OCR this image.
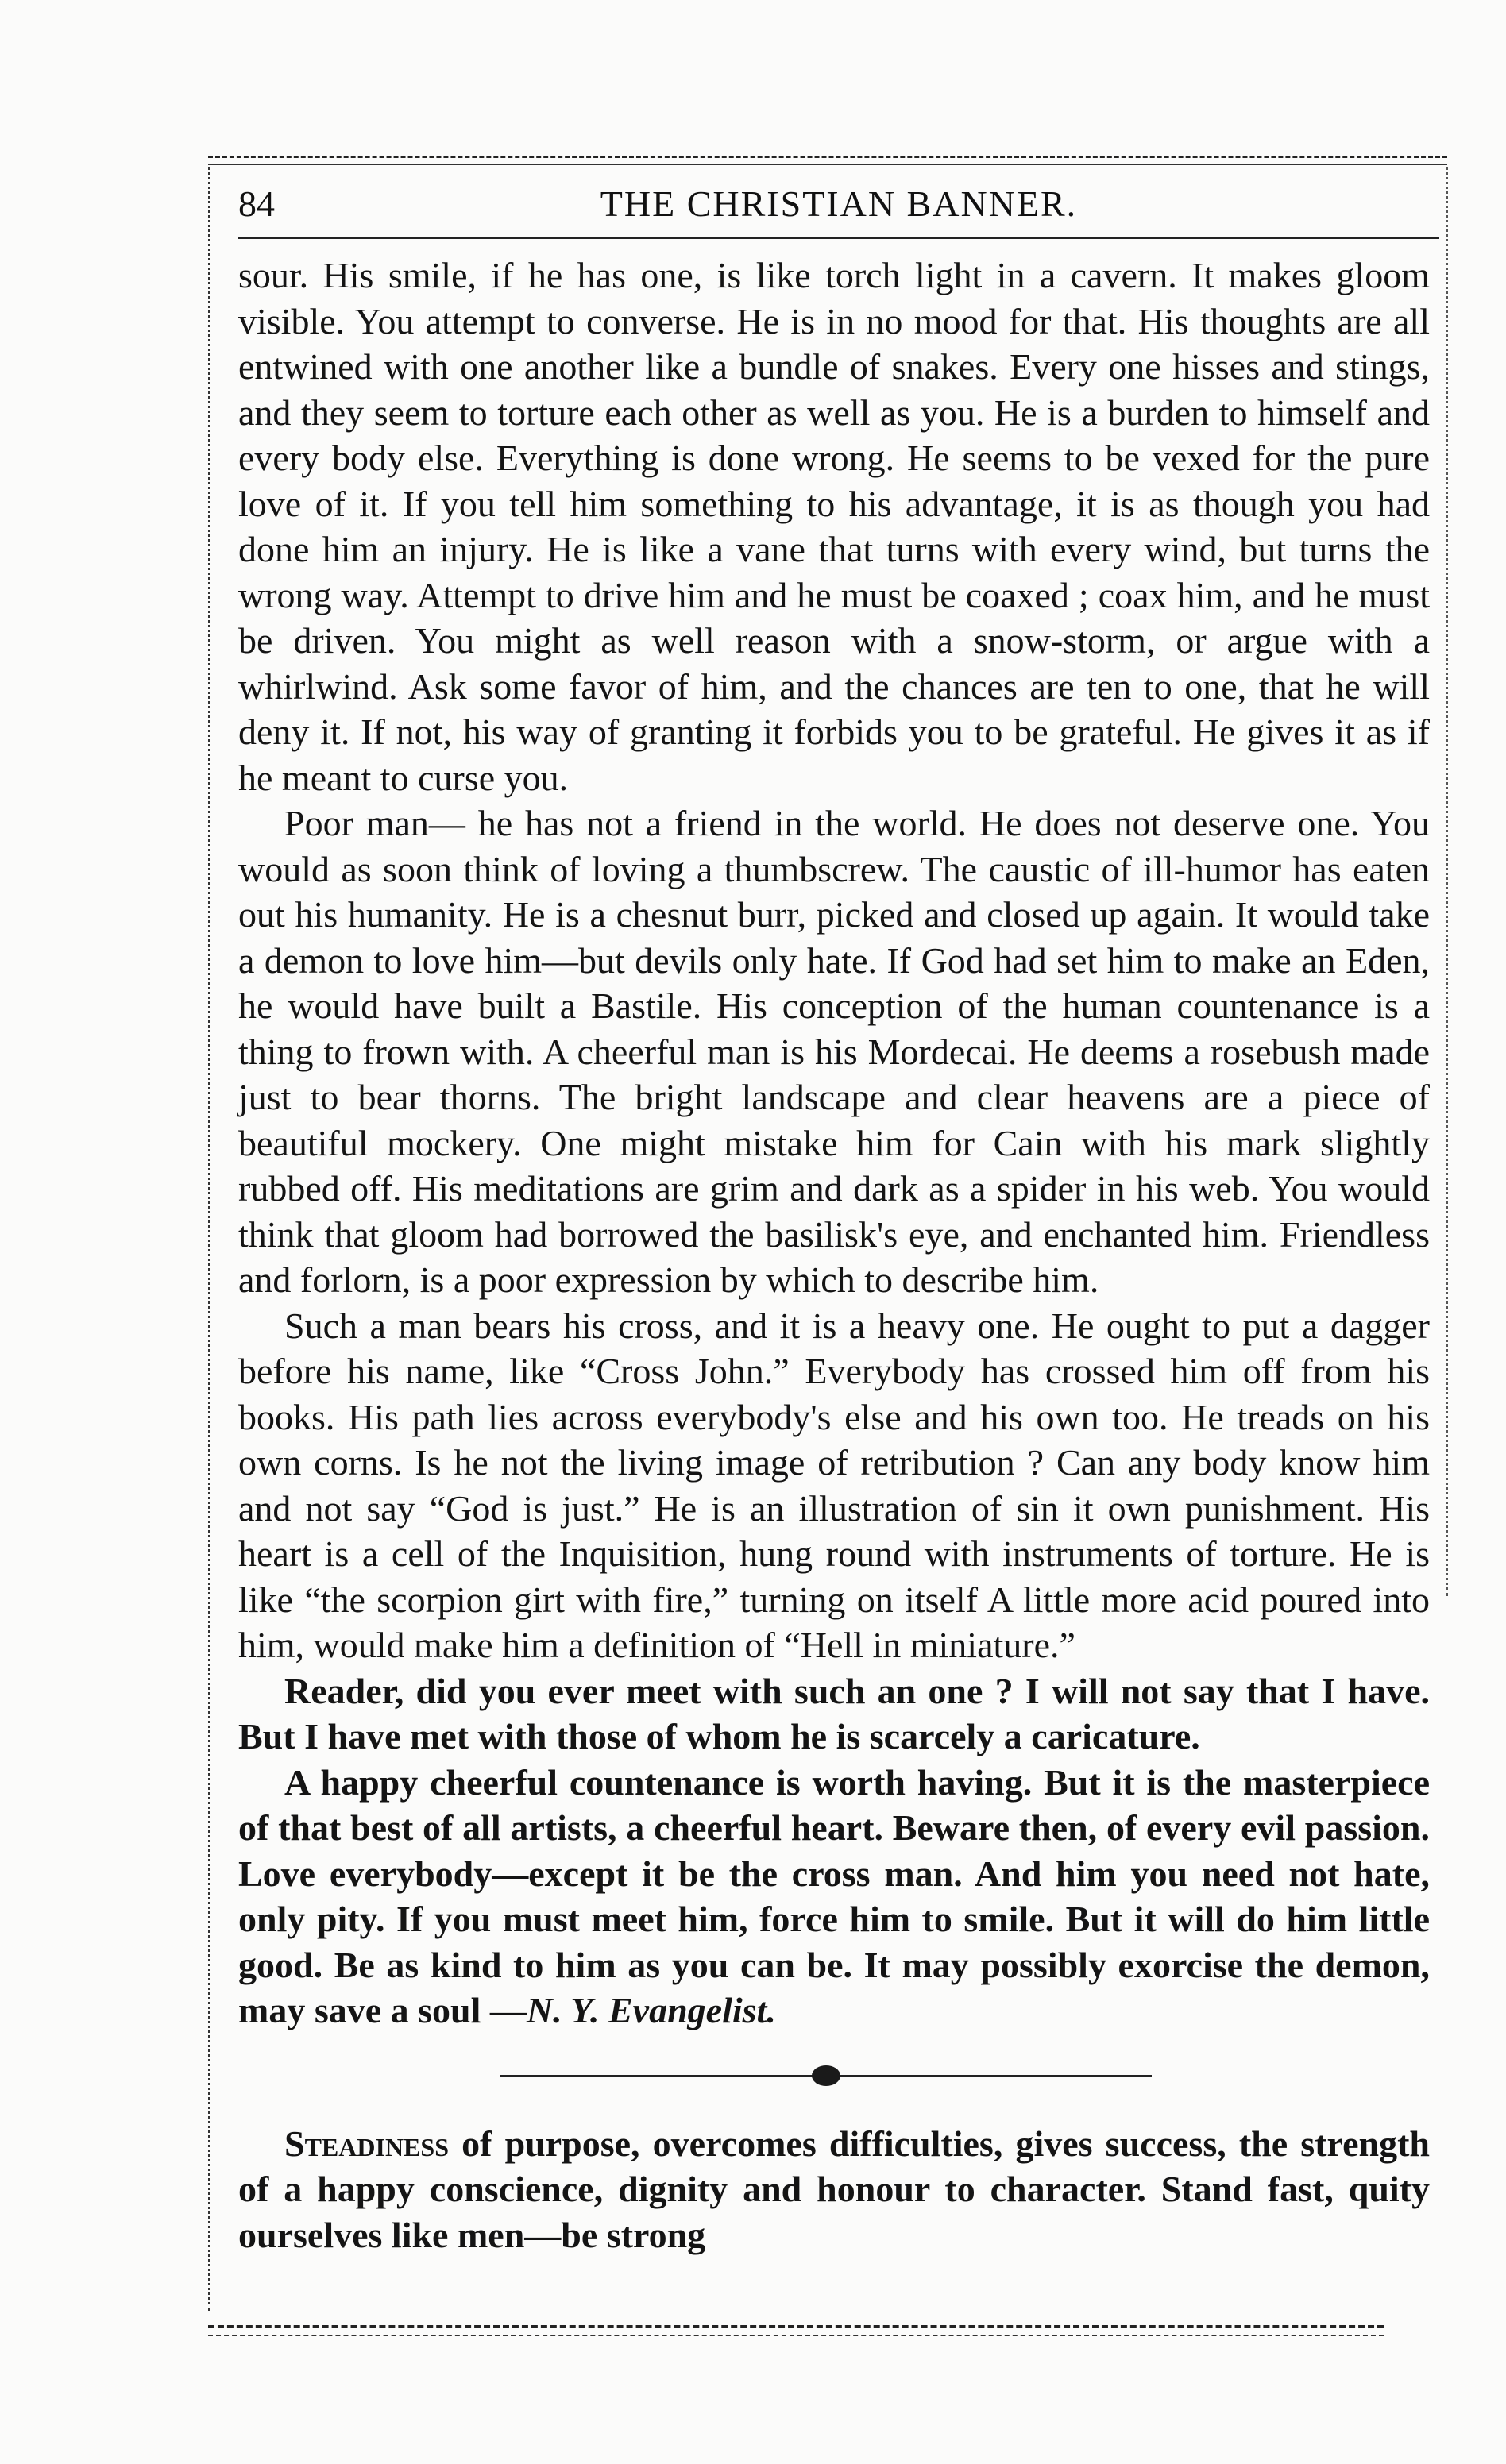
84	THE CHRISTIAN BANNER.

sour. His smile, if he has one, is like torch light in a cavern. It makes gloom visible. You attempt to converse. He is in no mood for that. His thoughts are all entwined with one another like a bundle of snakes. Every one hisses and stings, and they seem to torture each other as well as you. He is a burden to himself and every body else. Everything is done wrong. He seems to be vexed for the pure love of it. If you tell him something to his advantage, it is as though you had done him an injury. He is like a vane that turns with every wind, but turns the wrong way. Attempt to drive him and he must be coaxed ; coax him, and he must be driven. You might as well reason with a snow-storm, or argue with a whirlwind. Ask some favor of him, and the chances are ten to one, that he will deny it. If not, his way of granting it forbids you to be grateful. He gives it as if he meant to curse you.

Poor man— he has not a friend in the world. He does not deserve one. You would as soon think of loving a thumbscrew. The caustic of ill-humor has eaten out his humanity. He is a chesnut burr, picked and closed up again. It would take a demon to love him—but devils only hate. If God had set him to make an Eden, he would have built a Bastile. His conception of the human countenance is a thing to frown with. A cheerful man is his Mordecai. He deems a rosebush made just to bear thorns. The bright landscape and clear heavens are a piece of beautiful mockery. One might mistake him for Cain with his mark slightly rubbed off. His meditations are grim and dark as a spider in his web. You would think that gloom had borrowed the basilisk's eye, and enchanted him. Friendless and forlorn, is a poor expression by which to describe him.

Such a man bears his cross, and it is a heavy one. He ought to put a dagger before his name, like “Cross John.” Everybody has crossed him off from his books. His path lies across everybody's else and his own too. He treads on his own corns. Is he not the living image of retribution ? Can any body know him and not say “God is just.” He is an illustration of sin it own punishment. His heart is a cell of the Inquisition, hung round with instruments of torture. He is like “the scorpion girt with fire,” turning on itself A little more acid poured into him, would make him a definition of “Hell in miniature.”

Reader, did you ever meet with such an one ? I will not say that I have. But I have met with those of whom he is scarcely a caricature.

A happy cheerful countenance is worth having. But it is the masterpiece of that best of all artists, a cheerful heart. Beware then, of every evil passion. Love everybody—except it be the cross man. And him you need not hate, only pity. If you must meet him, force him to smile. But it will do him little good. Be as kind to him as you can be. It may possibly exorcise the demon, may save a soul —N. Y. Evangelist.

Steadiness of purpose, overcomes difficulties, gives success, the strength of a happy conscience, dignity and honour to character. Stand fast, quity ourselves like men—be strong
